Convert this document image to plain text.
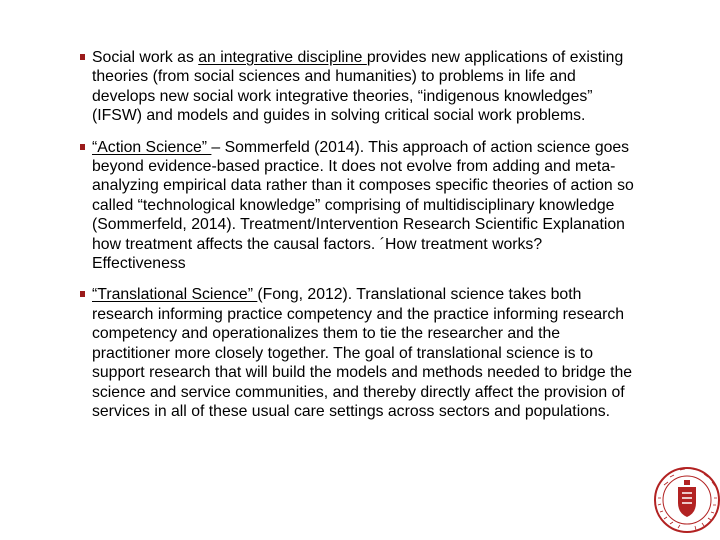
Social work as an integrative discipline provides new applications of existing theories (from social sciences and humanities) to problems in life and develops new social work integrative theories, “indigenous knowledges” (IFSW) and models and guides in solving critical social work problems.
“Action Science” – Sommerfeld (2014). This approach of action science goes beyond evidence-based practice. It does not evolve from adding and meta-analyzing empirical data rather than it composes specific theories of action so called “technological knowledge” comprising of multidisciplinary knowledge (Sommerfeld, 2014). Treatment/Intervention Research Scientific Explanation how treatment affects the causal factors. ´How treatment works? Effectiveness
“Translational Science” (Fong, 2012). Translational science takes both research informing practice competency and the practice informing research competency and operationalizes them to tie the researcher and the practitioner more closely together. The goal of translational science is to support research that will build the models and methods needed to bridge the science and service communities, and thereby directly affect the provision of services in all of these usual care settings across sectors and populations.
